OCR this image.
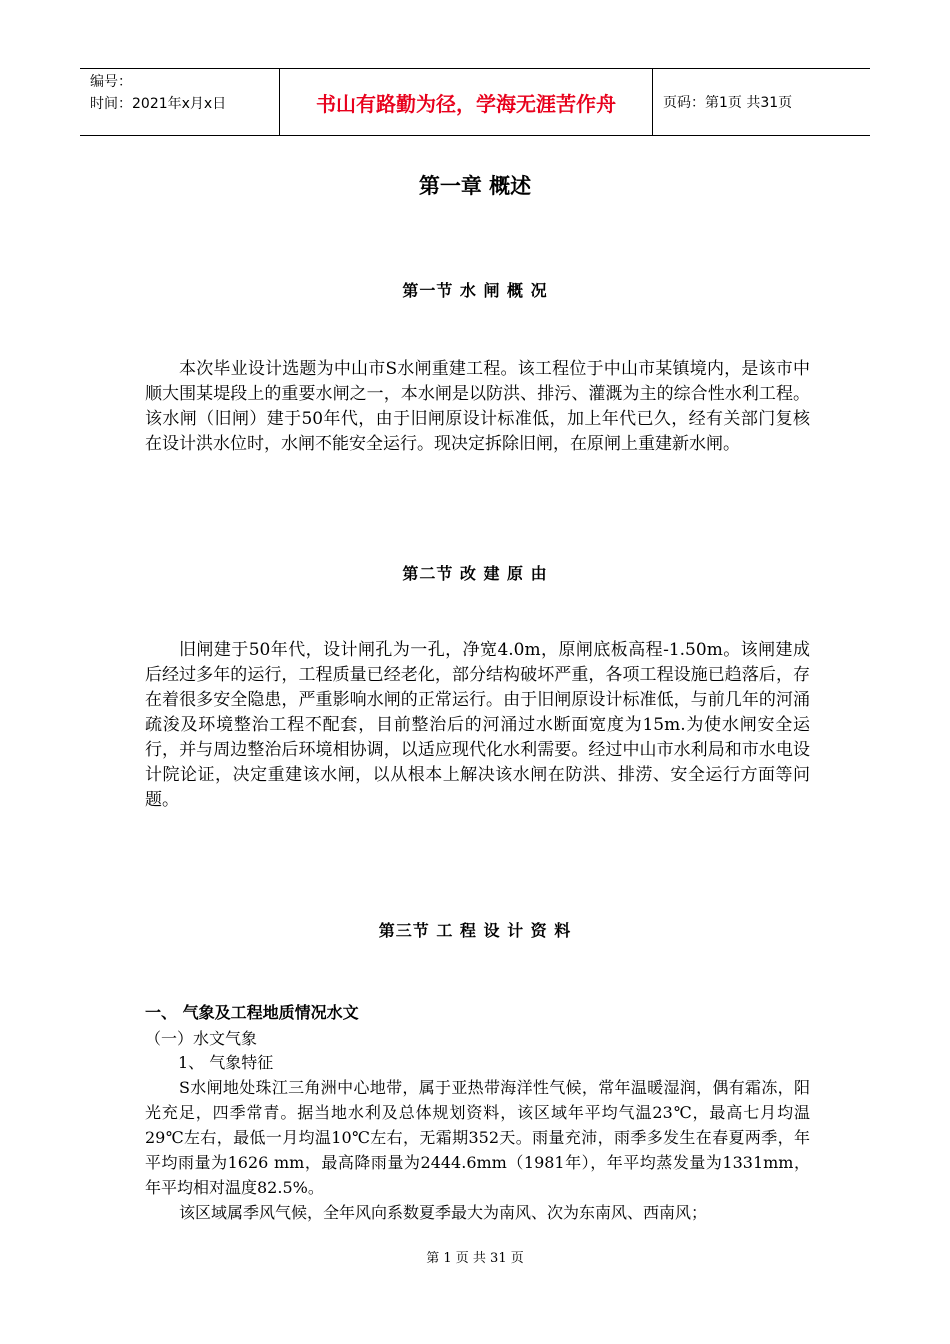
编号：
时间：2021年x月x日	书山有路勤为径，学海无涯苦作舟	页码：第1页 共31页
第一章 概述
第一节 水 闸 概 况
本次毕业设计选题为中山市S水闸重建工程。该工程位于中山市某镇境内，是该市中顺大围某堤段上的重要水闸之一，本水闸是以防洪、排污、灌溉为主的综合性水利工程。该水闸（旧闸）建于50年代，由于旧闸原设计标准低，加上年代已久，经有关部门复核在设计洪水位时，水闸不能安全运行。现决定拆除旧闸，在原闸上重建新水闸。
第二节 改 建 原 由
旧闸建于50年代，设计闸孔为一孔，净宽4.0m，原闸底板高程-1.50m。该闸建成后经过多年的运行，工程质量已经老化，部分结构破坏严重，各项工程设施已趋落后，存在着很多安全隐患，严重影响水闸的正常运行。由于旧闸原设计标准低，与前几年的河涌疏浚及环境整治工程不配套，目前整治后的河涌过水断面宽度为15m.为使水闸安全运行，并与周边整治后环境相协调，以适应现代化水利需要。经过中山市水利局和市水电设计院论证，决定重建该水闸，以从根本上解决该水闸在防洪、排涝、安全运行方面等问题。
第三节 工 程 设 计 资 料
一、 气象及工程地质情况水文
（一）水文气象
1、 气象特征
S水闸地处珠江三角洲中心地带，属于亚热带海洋性气候，常年温暖湿润，偶有霜冻，阳光充足，四季常青。据当地水利及总体规划资料，该区域年平均气温23℃，最高七月均温29℃左右，最低一月均温10℃左右，无霜期352天。雨量充沛，雨季多发生在春夏两季，年平均雨量为1626 mm，最高降雨量为2444.6mm（1981年），年平均蒸发量为1331mm，年平均相对温度82.5%。
该区域属季风气候，全年风向系数夏季最大为南风、次为东南风、西南风；
第 1 页 共 31 页
